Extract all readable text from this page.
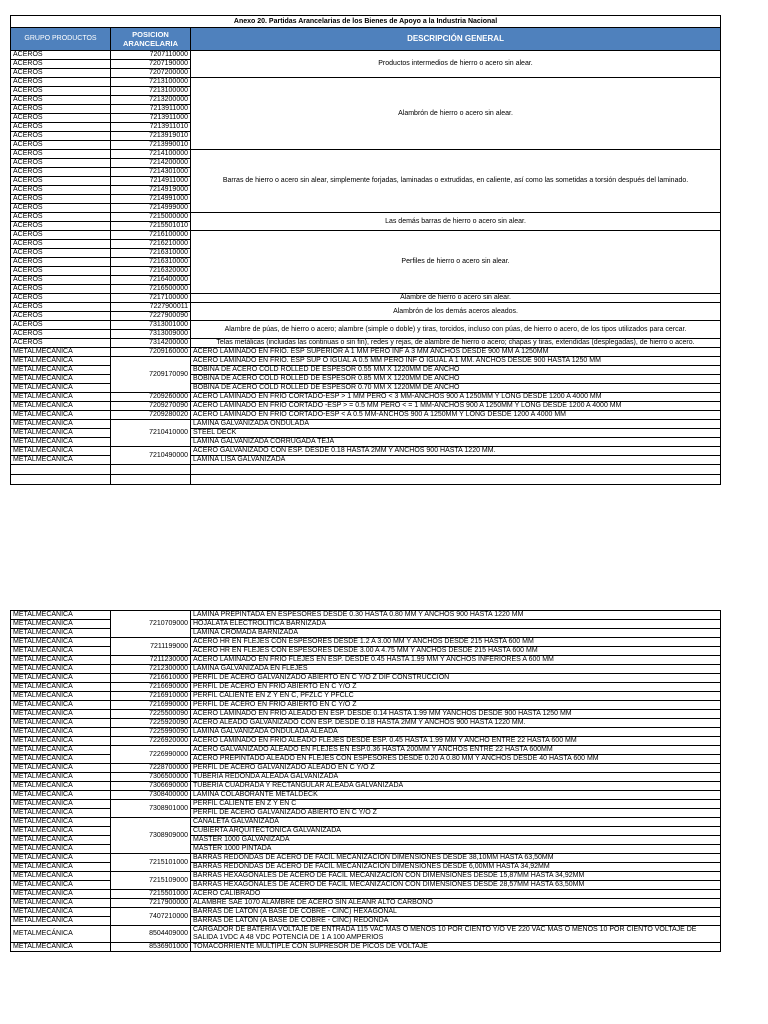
Anexo 20. Partidas Arancelarias de los Bienes de Apoyo a la Industria Nacional		
GRUPO PRODUCTOS	POSICION ARANCELARIA	DESCRIPCIÓN GENERAL
ACEROS	7207110000	Productos intermedios de hierro o acero sin alear.
ACEROS	7207190000	
ACEROS	7207200000	
ACEROS	7213100000	Alambrón de hierro o acero sin alear.
ACEROS	7213100000	
ACEROS	7213200000	
ACEROS	7213911000	
ACEROS	7213911000	
ACEROS	7213911010	
ACEROS	7213919010	
ACEROS	7213990010	
ACEROS	7214100000	Barras de hierro o acero sin alear, simplemente forjadas, laminadas o extrudidas, en caliente, así como las sometidas a torsión después del laminado.
ACEROS	7214200000	
ACEROS	7214301000	
ACEROS	7214911000	
ACEROS	7214919000	
ACEROS	7214991000	
ACEROS	7214999000	
ACEROS	7215000000	Las demás barras de hierro o acero sin alear.
ACEROS	7215501010	
ACEROS	7216100000	Perfiles de hierro o acero sin alear.
ACEROS	7216210000	
ACEROS	7216310000	
ACEROS	7216310000	
ACEROS	7216320000	
ACEROS	7216400000	
ACEROS	7216500000	
ACEROS	7217100000	Alambre de hierro o acero sin alear.
ACEROS	7227900011	Alambrón de los demás aceros aleados.
ACEROS	7227900090	
ACEROS	7313001000	Alambre de púas, de hierro o acero; alambre (simple o doble) y tiras, torcidos, incluso con púas, de hierro o acero, de los tipos utilizados para cercar.
ACEROS	7313009000	
ACEROS	7314200000	Telas metálicas (incluidas las continuas o sin fin), redes y rejas, de alambre de hierro o acero; chapas y tiras, extendidas (desplegadas), de hierro o acero.
METALMECÁNICA	7209160000	ACERO LAMINADO EN FRIO. ESP SUPERIOR A 1 MM PERO INF A 3 MM ANCHOS DESDE 900 MM A 1250MM
METALMECÁNICA	7209170090	ACERO LAMINADO EN FRIO. ESP SUP O IGUAL A 0.5 MM PERO INF O IGUAL A 1 MM. ANCHOS DESDE 900 HASTA 1250 MM
METALMECÁNICA		BOBINA DE ACERO COLD ROLLED DE ESPESOR 0.55 MM X 1220MM DE ANCHO
METALMECÁNICA		BOBINA DE ACERO COLD ROLLED DE ESPESOR 0.85 MM X 1220MM DE ANCHO
METALMECÁNICA		BOBINA DE ACERO COLD ROLLED DE ESPESOR 0.70 MM X 1220MM DE ANCHO
METALMECÁNICA	7209260000	ACERO LAMINADO EN FRIO CORTADO-ESP > 1 MM PERO < 3 MM-ANCHOS 900 A 1250MM Y LONG DESDE 1200 A 4000 MM
METALMECÁNICA	7209270090	ACERO LAMINADO EN FRIO CORTADO -ESP > = 0.5 MM PERO < = 1 MM-ANCHOS 900 A 1250MM Y LONG DESDE 1200 A 4000 MM
METALMECÁNICA	7209280020	ACERO LAMINADO EN FRIO CORTADO-ESP < A 0.5 MM-ANCHOS 900 A 1250MM Y LONG DESDE 1200 A 4000 MM
METALMECÁNICA	7210410000	LAMINA GALVANIZADA ONDULADA
METALMECÁNICA		STEEL DECK
METALMECÁNICA		LAMINA GALVANIZADA CORRUGADA TEJA
METALMECÁNICA	7210490000	ACERO GALVANIZADO CON ESP. DESDE 0.18 HASTA 2MM Y ANCHOS 900 HASTA 1220 MM.
METALMECÁNICA		LAMINA LISA GALVANIZADA

METALMECÁNICA	7210709000	LAMINA PREPINTADA EN ESPESORES DESDE 0.30 HASTA 0.80 MM Y ANCHOS 900 HASTA 1220 MM
METALMECÁNICA		HOJALATA ELECTROLITICA BARNIZADA
METALMECÁNICA		LAMINA CROMADA BARNIZADA
METALMECÁNICA	7211199000	ACERO HR EN FLEJES CON ESPESORES DESDE 1.2 A 3.00 MM Y ANCHOS DESDE 215 HASTA 600 MM
METALMECÁNICA		ACERO HR EN FLEJES CON ESPESORES DESDE 3.00 A 4.75 MM Y ANCHOS DESDE 215 HASTA 600 MM
METALMECÁNICA	7211230000	ACERO LAMINADO EN FRIO FLEJES EN ESP. DESDE 0.45 HASTA 1.99 MM Y ANCHOS INFERIORES A 600 MM
METALMECÁNICA	7212300000	LAMINA GALVANIZADA EN FLEJES
METALMECÁNICA	7216610000	PERFIL DE ACERO GALVANIZADO ABIERTO EN C Y/O Z DIF CONSTRUCCION
METALMECÁNICA	7216690000	PERFIL DE ACERO EN FRIO ABIERTO EN C Y/O Z
METALMECÁNICA	7216910000	PERFIL CALIENTE EN Z Y EN C, PFZLC Y PFCLC
METALMECÁNICA	7216990000	PERFIL DE ACERO EN FRIO ABIERTO EN C Y/O Z
METALMECÁNICA	7225500090	ACERO LAMINADO EN FRIO ALEADO EN ESP. DESDE 0.14 HASTA 1.99 MM YANCHOS DESDE 900 HASTA 1250 MM
METALMECÁNICA	7225920090	ACERO ALEADO GALVANIZADO CON ESP. DESDE 0.18 HASTA 2MM Y ANCHOS 900 HASTA 1220 MM.
METALMECÁNICA	7225990090	LAMINA GALVANIZADA ONDULADA ALEADA
METALMECÁNICA	7226920000	ACERO LAMINADO EN FRIO ALEADO FLEJES DESDE ESP. 0.45 HASTA 1.99 MM Y ANCHO ENTRE 22 HASTA 600 MM
METALMECÁNICA	7226990000	ACERO GALVANIZADO ALEADO EN FLEJES EN ESP.0.36 HASTA 200MM Y ANCHOS ENTRE 22 HASTA 600MM
METALMECÁNICA		ACERO PREPINTADO ALEADO EN FLEJES CON ESPESORES DESDE 0.20 A 0.80 MM Y ANCHOS DESDE 40 HASTA 600 MM
METALMECÁNICA	7228700000	PERFIL DE ACERO GALVANIZADO ALEADO EN C Y/O Z
METALMECÁNICA	7306500000	TUBERIA REDONDA ALEADA GALVANIZADA
METALMECÁNICA	7306690000	TUBERIA CUADRADA Y RECTANGULAR ALEADA GALVANIZADA
METALMECÁNICA	7308400000	LAMINA COLABORANTE METALDECK
METALMECÁNICA	7308901000	PERFIL CALIENTE EN Z Y EN C
METALMECÁNICA		PERFIL DE ACERO GALVANIZADO ABIERTO EN C Y/O Z
METALMECÁNICA	7308909000	CANALETA GALVANIZADA
METALMECÁNICA		CUBIERTA ARQUITECTONICA GALVANIZADA
METALMECÁNICA		MASTER 1000 GALVANIZADA
METALMECÁNICA		MASTER 1000 PINTADA
METALMECÁNICA	7215101000	BARRAS REDONDAS DE ACERO DE FACIL MECANIZACION DIMENSIONES DESDE 38,10MM HASTA 63,50MM
METALMECÁNICA		BARRAS REDONDAS DE ACERO DE FACIL MECANIZACION DIMENSIONES DESDE 6,00MM HASTA 34,92MM
METALMECÁNICA	7215109000	BARRAS HEXAGONALES DE ACERO DE FACIL MECANIZACION CON DIMENSIONES DESDE 15,87MM HASTA 34,92MM
METALMECÁNICA		BARRAS HEXAGONALES DE ACERO DE FACIL MECANIZACION CON DIMENSIONES DESDE 28,57MM HASTA 63,50MM
METALMECÁNICA	7215501000	ACERO CALIBRADO
METALMECÁNICA	7217900000	ALAMBRE SAE 1070 ALAMBRE DE ACERO SIN ALEANR ALTO CARBONO
METALMECÁNICA	7407210000	BARRAS DE LATON (A BASE DE COBRE - CINC) HEXAGONAL
METALMECÁNICA		BARRAS DE LATON (A BASE DE COBRE - CINC) REDONDA
METALMECÁNICA	8504409000	CARGADOR DE BATERIA VOLTAJE DE ENTRADA 115 VAC MAS O MENOS 10 POR CIENTO Y/O VE 220 VAC MAS O MENOS 10 POR CIENTO VOLTAJE DE SALIDA 1VDC A 48 VDC POTENCIA DE 1 A 100 AMPERIOS
METALMECÁNICA	8536901000	TOMACORRIENTE MULTIPLE CON SUPRESOR DE PICOS DE VOLTAJE
